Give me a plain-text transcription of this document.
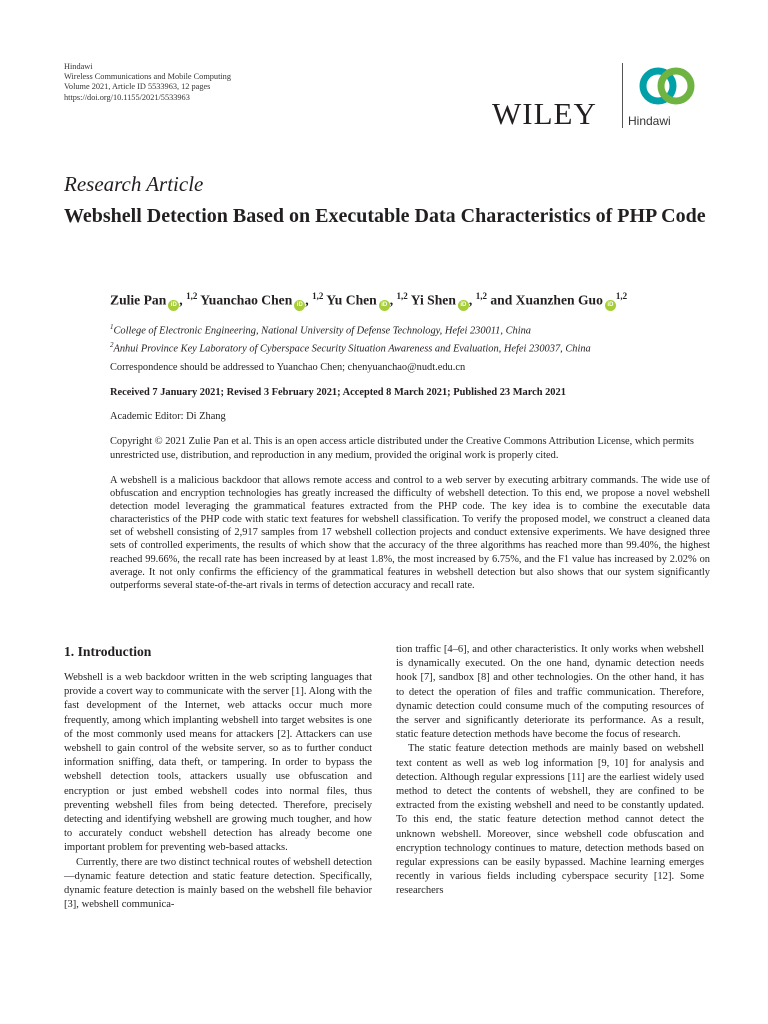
Hindawi
Wireless Communications and Mobile Computing
Volume 2021, Article ID 5533963, 12 pages
https://doi.org/10.1155/2021/5533963	WILEY	Hindawi
Research Article
Webshell Detection Based on Executable Data Characteristics of PHP Code
Zulie Pan iD , $^{1,2}$ Yuanchao Chen iD , $^{1,2}$ Yu Chen iD , $^{1,2}$ Yi Shen iD , $^{1,2}$ and Xuanzhen Guo iD$^{1,2}$
$^1$College of Electronic Engineering, National University of Defense Technology, Hefei 230011, China
$^2$Anhui Province Key Laboratory of Cyberspace Security Situation Awareness and Evaluation, Hefei 230037, China
Correspondence should be addressed to Yuanchao Chen; chenyuanchao@nudt.edu.cn
Received 7 January 2021; Revised 3 February 2021; Accepted 8 March 2021; Published 23 March 2021
Academic Editor: Di Zhang
Copyright © 2021 Zulie Pan et al. This is an open access article distributed under the Creative Commons Attribution License, which permits unrestricted use, distribution, and reproduction in any medium, provided the original work is properly cited.
A webshell is a malicious backdoor that allows remote access and control to a web server by executing arbitrary commands. The wide use of obfuscation and encryption technologies has greatly increased the difficulty of webshell detection. To this end, we propose a novel webshell detection model leveraging the grammatical features extracted from the PHP code. The key idea is to combine the executable data characteristics of the PHP code with static text features for webshell classification. To verify the proposed model, we construct a cleaned data set of webshell consisting of 2,917 samples from 17 webshell collection projects and conduct extensive experiments. We have designed three sets of controlled experiments, the results of which show that the accuracy of the three algorithms has reached more than 99.40%, the highest reached 99.66%, the recall rate has been increased by at least 1.8%, the most increased by 6.75%, and the F1 value has increased by 2.02% on average. It not only confirms the efficiency of the grammatical features in webshell detection but also shows that our system significantly outperforms several state-of-the-art rivals in terms of detection accuracy and recall rate.
1. Introduction

Webshell is a web backdoor written in the web scripting languages that provide a covert way to communicate with the server [1]. Along with the fast development of the Internet, web attacks occur much more frequently, among which implanting webshell into target websites is one of the most commonly used means for attackers [2]. Attackers can use webshell to gain control of the website server, so as to further conduct information sniffing, data theft, or tampering. In order to bypass the webshell detection tools, attackers usually use obfuscation and encryption or just embed webshell codes into normal files, thus preventing webshell files from being detected. Therefore, precisely detecting and identifying webshell are growing much tougher, and how to accurately conduct webshell detection has already become one important problem for preventing web-based attacks.

Currently, there are two distinct technical routes of webshell detection—dynamic feature detection and static feature detection. Specifically, dynamic feature detection is mainly based on the webshell file behavior [3], webshell communica-

tion traffic [4–6], and other characteristics. It only works when webshell is dynamically executed. On the one hand, dynamic detection needs hook [7], sandbox [8] and other technologies. On the other hand, it has to detect the operation of files and traffic communication. Therefore, dynamic detection could consume much of the computing resources of the server and significantly deteriorate its performance. As a result, static feature detection methods have become the focus of research.

The static feature detection methods are mainly based on webshell text content as well as web log information [9, 10] for analysis and detection. Although regular expressions [11] are the earliest widely used method to detect the contents of webshell, they are confined to be extracted from the existing webshell and need to be constantly updated. To this end, the static feature detection method cannot detect the unknown webshell. Moreover, since webshell code obfuscation and encryption technology continues to mature, detection methods based on regular expressions can be easily bypassed. Machine learning emerges recently in various fields including cyberspace security [12]. Some researchers
